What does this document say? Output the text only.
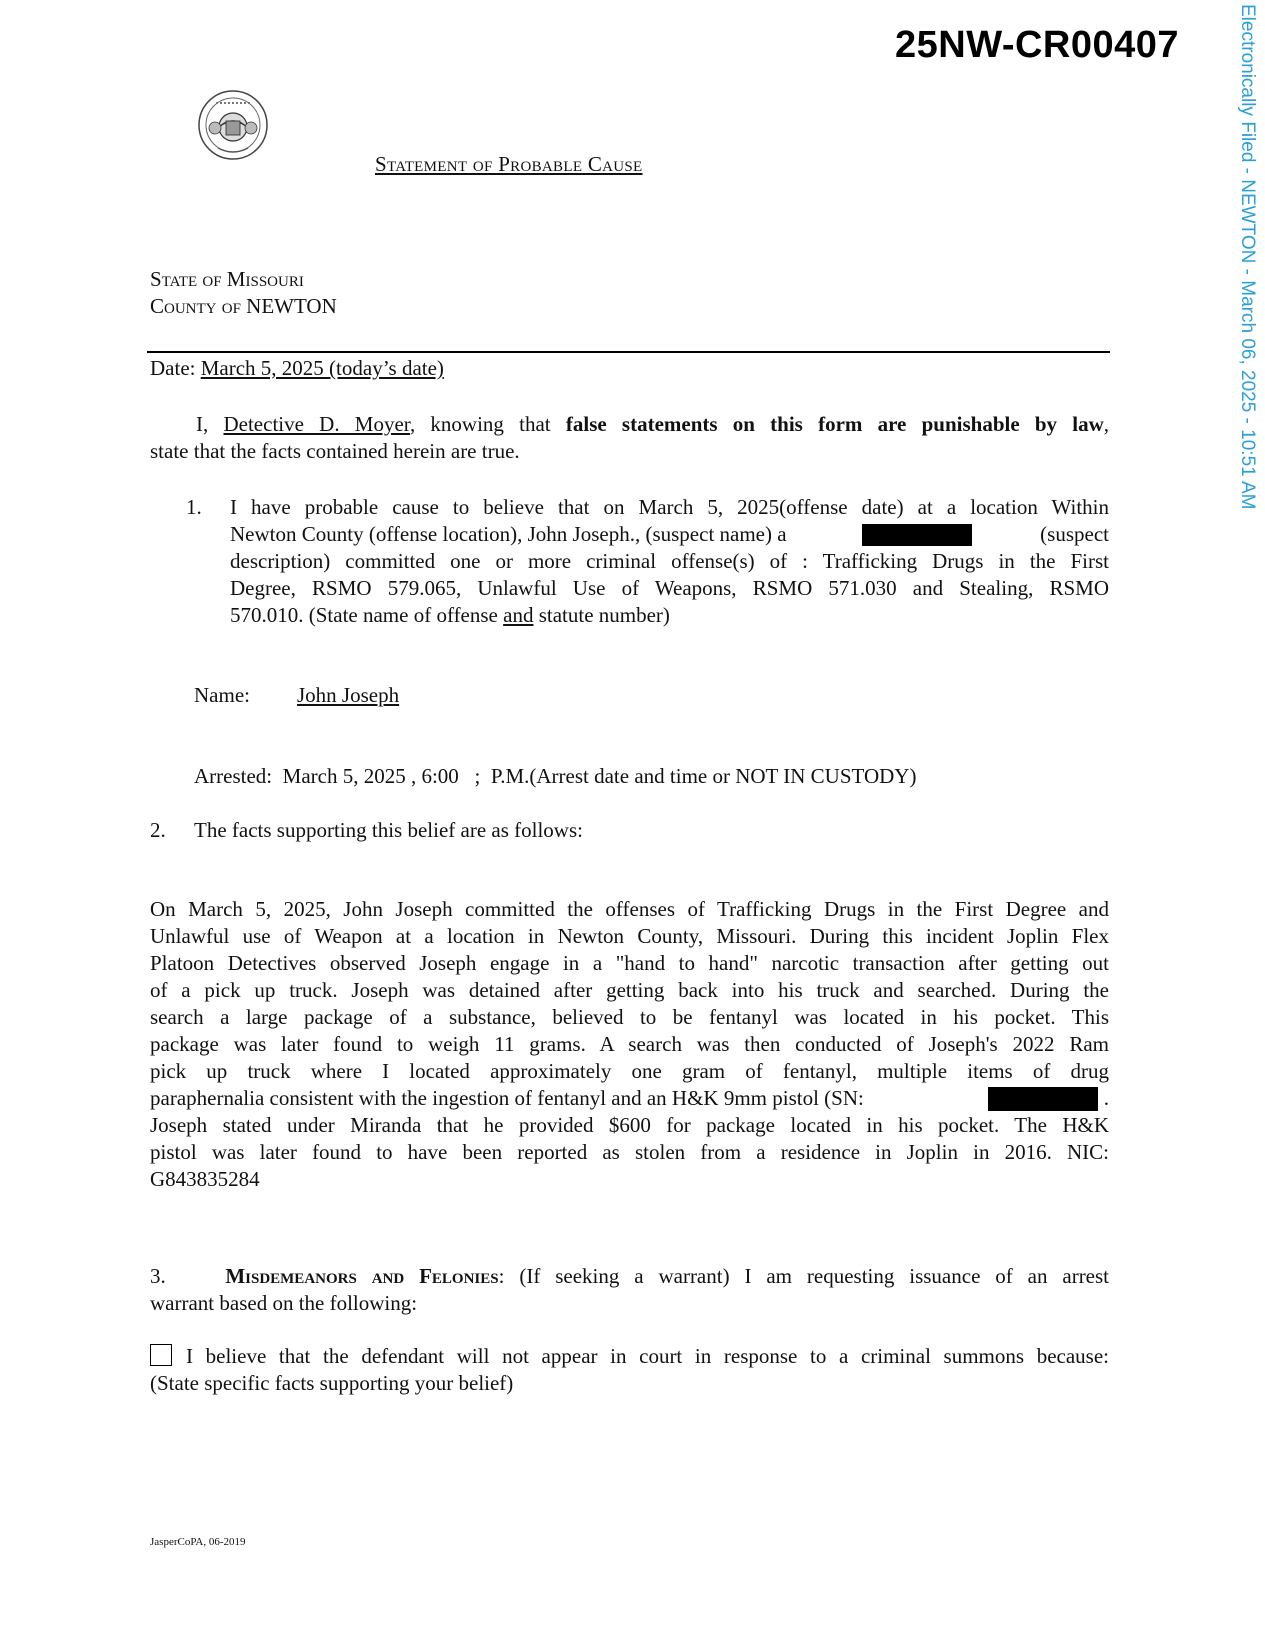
25NW-CR00407	Electronically Filed - NEWTON - March 06, 2025 - 10:51 AM
Statement of Probable Cause
State of Missouri
County of NEWTON
Date: March 5, 2025 (today’s date)
I, Detective D. Moyer, knowing that false statements on this form are punishable by law,
state that the facts contained herein are true.
1. I have probable cause to believe that on March 5, 2025(offense date) at a location Within
Newton County (offense location), John Joseph., (suspect name) a	(suspect
description) committed one or more criminal offense(s) of : Trafficking Drugs in the First
Degree, RSMO 579.065, Unlawful Use of Weapons, RSMO 571.030 and Stealing, RSMO
570.010. (State name of offense and statute number)
Name: John Joseph
Arrested: March 5, 2025 , 6:00   ;  P.M.(Arrest date and time or NOT IN CUSTODY)
2. The facts supporting this belief are as follows:
On March 5, 2025, John Joseph committed the offenses of Trafficking Drugs in the First Degree and
Unlawful use of Weapon at a location in Newton County, Missouri. During this incident Joplin Flex
Platoon Detectives observed Joseph engage in a "hand to hand" narcotic transaction after getting out
of a pick up truck. Joseph was detained after getting back into his truck and searched. During the
search a large package of a substance, believed to be fentanyl was located in his pocket. This
package was later found to weigh 11 grams. A search was then conducted of Joseph's 2022 Ram
pick up truck where I located approximately one gram of fentanyl, multiple items of drug
paraphernalia consistent with the ingestion of fentanyl and an H&K 9mm pistol (SN:	.
Joseph stated under Miranda that he provided $600 for package located in his pocket. The H&K
pistol was later found to have been reported as stolen from a residence in Joplin in 2016. NIC:
G843835284
3.	Misdemeanors and Felonies: (If seeking a warrant) I am requesting issuance of an arrest
warrant based on the following:
I believe that the defendant will not appear in court in response to a criminal summons because:
(State specific facts supporting your belief)
JasperCoPA, 06-2019
